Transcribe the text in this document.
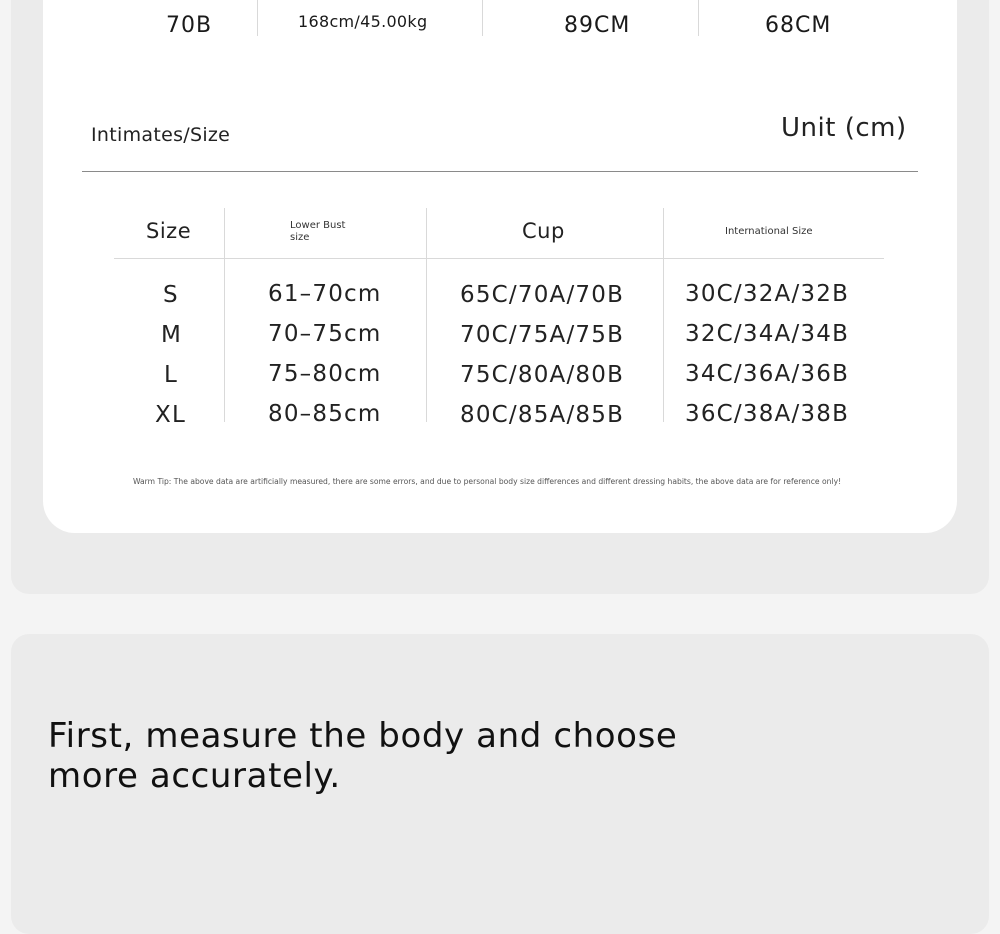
70B	168cm/45.00kg	89CM	68CM
Intimates/Size	Unit (cm)
Size	Lower Bust size	Cup	International Size
S	61–70cm	65C/70A/70B	30C/32A/32B
M	70–75cm	70C/75A/75B	32C/34A/34B
L	75–80cm	75C/80A/80B	34C/36A/36B
XL	80–85cm	80C/85A/85B	36C/38A/38B
Warm Tip: The above data are artificially measured, there are some errors, and due to personal body size differences and different dressing habits, the above data are for reference only!
First, measure the body and choose more accurately.
